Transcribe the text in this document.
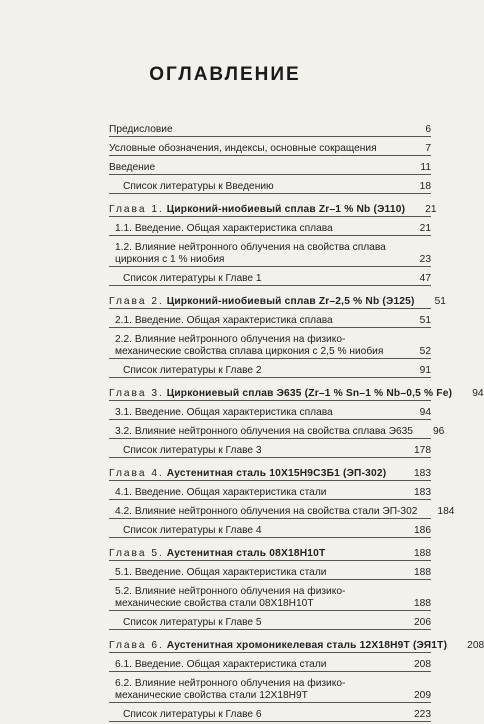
ОГЛАВЛЕНИЕ
Предисловие	6
Условные обозначения, индексы, основные сокращения	7
Введение	11
Список литературы к Введению	18
Глава 1. Цирконий-ниобиевый сплав Zr–1 % Nb (Э110)	21
1.1. Введение. Общая характеристика сплава	21
1.2. Влияние нейтронного облучения на свойства сплава циркония с 1 % ниобия	23
Список литературы к Главе 1	47
Глава 2. Цирконий-ниобиевый сплав Zr–2,5 % Nb (Э125)	51
2.1. Введение. Общая характеристика сплава	51
2.2. Влияние нейтронного облучения на физико-механические свойства сплава циркония с 2,5 % ниобия	52
Список литературы к Главе 2	91
Глава 3. Циркониевый сплав Э635 (Zr–1 % Sn–1 % Nb–0,5 % Fe)	94
3.1. Введение. Общая характеристика сплава	94
3.2. Влияние нейтронного облучения на свойства сплава Э635	96
Список литературы к Главе 3	178
Глава 4. Аустенитная сталь 10Х15Н9С3Б1 (ЭП-302)	183
4.1. Введение. Общая характеристика стали	183
4.2. Влияние нейтронного облучения на свойства стали ЭП-302	184
Список литературы к Главе 4	186
Глава 5. Аустенитная сталь 08Х18Н10Т	188
5.1. Введение. Общая характеристика стали	188
5.2. Влияние нейтронного облучения на физико-механические свойства стали 08Х18Н10Т	188
Список литературы к Главе 5	206
Глава 6. Аустенитная хромоникелевая сталь 12Х18Н9Т (ЭЯ1Т)	208
6.1. Введение. Общая характеристика стали	208
6.2. Влияние нейтронного облучения на физико-механические свойства стали 12Х18Н9Т	209
Список литературы к Главе 6	223
